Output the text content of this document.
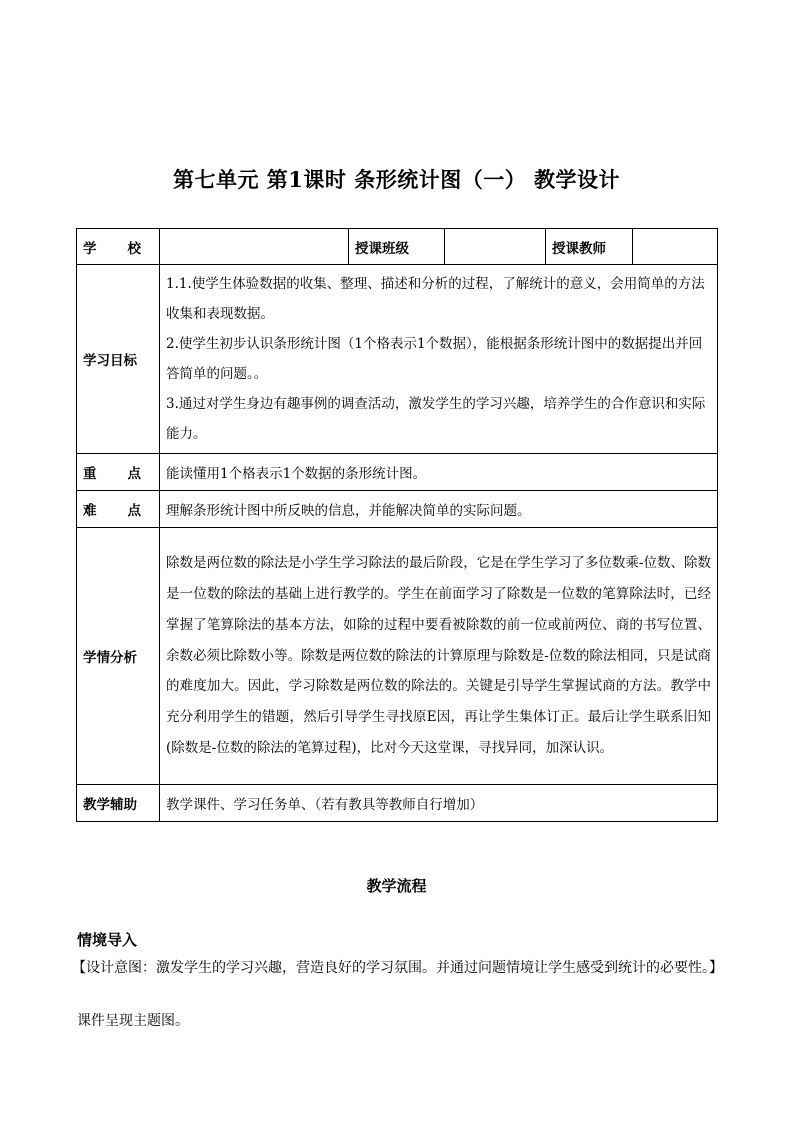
第七单元 第1课时 条形统计图（一） 教学设计
学 校		授课班级		授课教师	
学习目标	1.1.使学生体验数据的收集、整理、描述和分析的过程，了解统计的意义，会用简单的方法收集和表现数据。
2.使学生初步认识条形统计图（1个格表示1个数据），能根据条形统计图中的数据提出并回答简单的问题。。
3.通过对学生身边有趣事例的调查活动，激发学生的学习兴趣，培养学生的合作意识和实际能力。				

重 点	能读懂用1个格表示1个数据的条形统计图。				

难 点	理解条形统计图中所反映的信息，并能解决简单的实际问题。				
学情分析	除数是两位数的除法是小学生学习除法的最后阶段，它是在学生学习了多位数乘-位数、除数是一位数的除法的基础上进行教学的。学生在前面学习了除数是一位数的笔算除法时，已经掌握了笔算除法的基本方法，如除的过程中要看被除数的前一位或前两位、商的书写位置、余数必须比除数小等。除数是两位数的除法的计算原理与除数是-位数的除法相同，只是试商的难度加大。因此，学习除数是两位数的除法的。关键是引导学生掌握试商的方法。教学中充分利用学生的错题，然后引导学生寻找原E因，再让学生集体订正。最后让学生联系旧知(除数是-位数的除法的笔算过程)，比对今天这堂课，寻找异同，加深认识。				
教学辅助	教学课件、学习任务单、（若有教具等教师自行增加）				
教学流程
情境导入
【设计意图：激发学生的学习兴趣，营造良好的学习氛围。并通过问题情境让学生感受到统计的必要性。】
课件呈现主题图。
